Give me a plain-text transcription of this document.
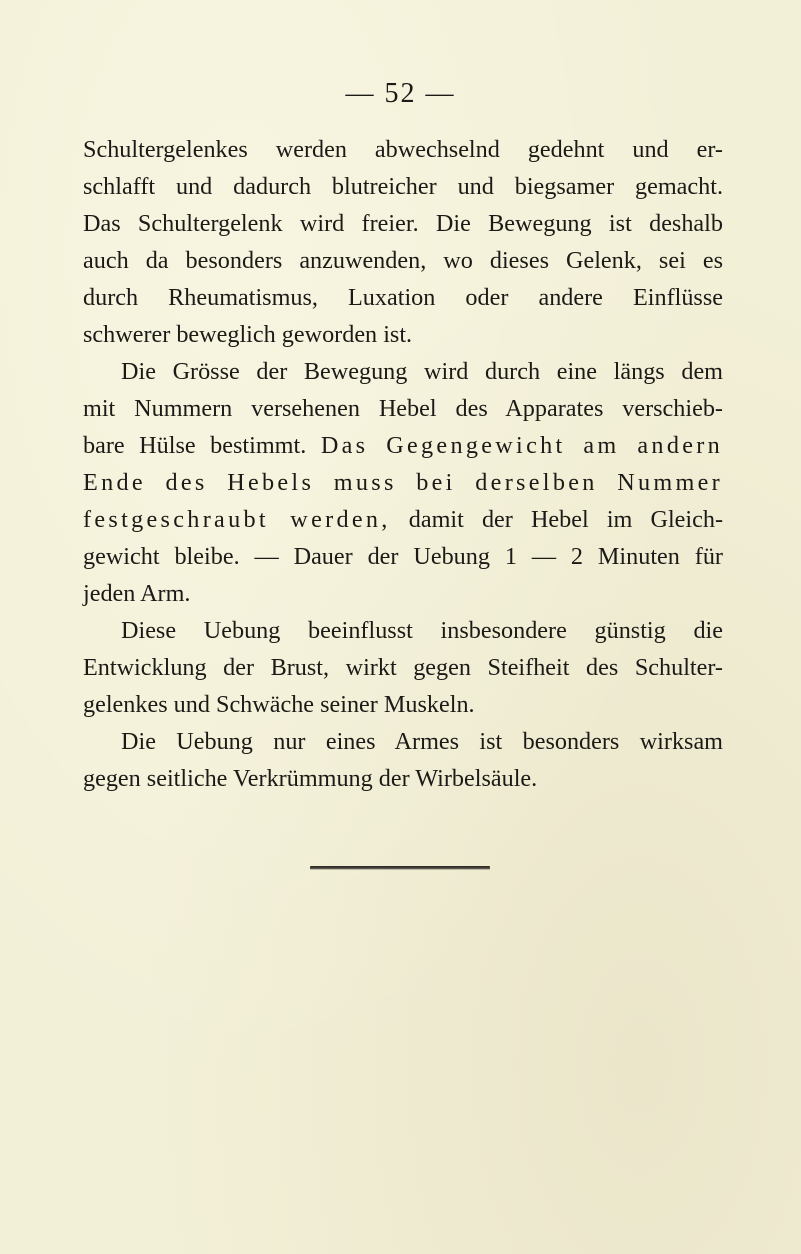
— 52 —
Schultergelenkes werden abwechselnd gedehnt und er-
schlafft und dadurch blutreicher und biegsamer gemacht.
Das Schultergelenk wird freier. Die Bewegung ist deshalb
auch da besonders anzuwenden, wo dieses Gelenk, sei es
durch Rheumatismus, Luxation oder andere Einflüsse
schwerer beweglich geworden ist.
Die Grösse der Bewegung wird durch eine längs dem
mit Nummern versehenen Hebel des Apparates verschieb-
bare Hülse bestimmt. Das Gegengewicht am andern
Ende des Hebels muss bei derselben Nummer
festgeschraubt werden, damit der Hebel im Gleich-
gewicht bleibe. — Dauer der Uebung 1 — 2 Minuten für
jeden Arm.
Diese Uebung beeinflusst insbesondere günstig die
Entwicklung der Brust, wirkt gegen Steifheit des Schulter-
gelenkes und Schwäche seiner Muskeln.
Die Uebung nur eines Armes ist besonders wirksam
gegen seitliche Verkrümmung der Wirbelsäule.
